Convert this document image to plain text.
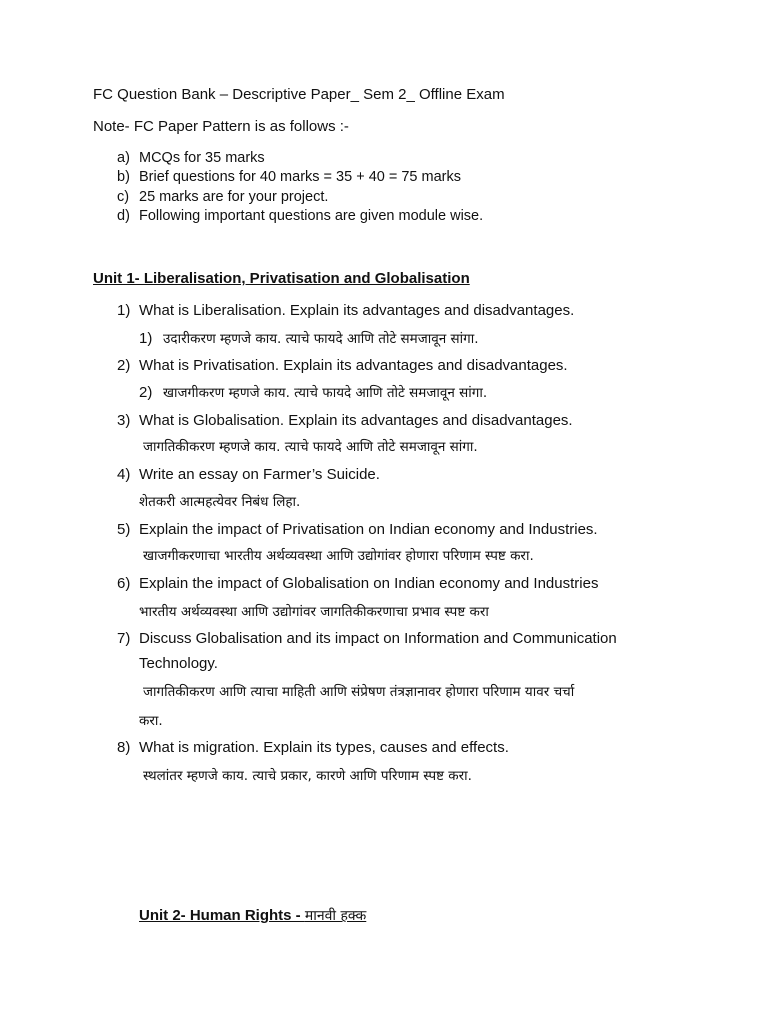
FC Question Bank – Descriptive Paper_ Sem 2_ Offline Exam
Note- FC Paper Pattern is as follows :-
a) MCQs for 35 marks
b) Brief questions for 40 marks = 35 + 40 = 75 marks
c) 25 marks are for your project.
d) Following important questions are given module wise.
Unit 1- Liberalisation, Privatisation and Globalisation
1) What is Liberalisation. Explain its advantages and disadvantages.
1) उदारीकरण म्हणजे काय. त्याचे फायदे आणि तोटे समजावून सांगा.
2) What is Privatisation. Explain its advantages and disadvantages.
2) खाजगीकरण म्हणजे काय. त्याचे फायदे आणि तोटे समजावून सांगा.
3) What is Globalisation. Explain its advantages and disadvantages.
जागतिकीकरण म्हणजे काय. त्याचे फायदे आणि तोटे समजावून सांगा.
4) Write an essay on Farmer’s Suicide.
शेतकरी आत्महत्येवर निबंध लिहा.
5) Explain the impact of Privatisation on Indian economy and Industries.
खाजगीकरणाचा भारतीय अर्थव्यवस्था आणि उद्योगांवर होणारा परिणाम स्पष्ट करा.
6) Explain the impact of Globalisation on Indian economy and Industries
भारतीय अर्थव्यवस्था आणि उद्योगांवर जागतिकीकरणाचा प्रभाव स्पष्ट करा
7) Discuss Globalisation and its impact on Information and Communication
Technology.
जागतिकीकरण आणि त्याचा माहिती आणि संप्रेषण तंत्रज्ञानावर होणारा परिणाम यावर चर्चा
करा.
8) What is migration. Explain its types, causes and effects.
स्थलांतर म्हणजे काय. त्याचे प्रकार, कारणे आणि परिणाम स्पष्ट करा.
Unit 2- Human Rights - मानवी हक्क
